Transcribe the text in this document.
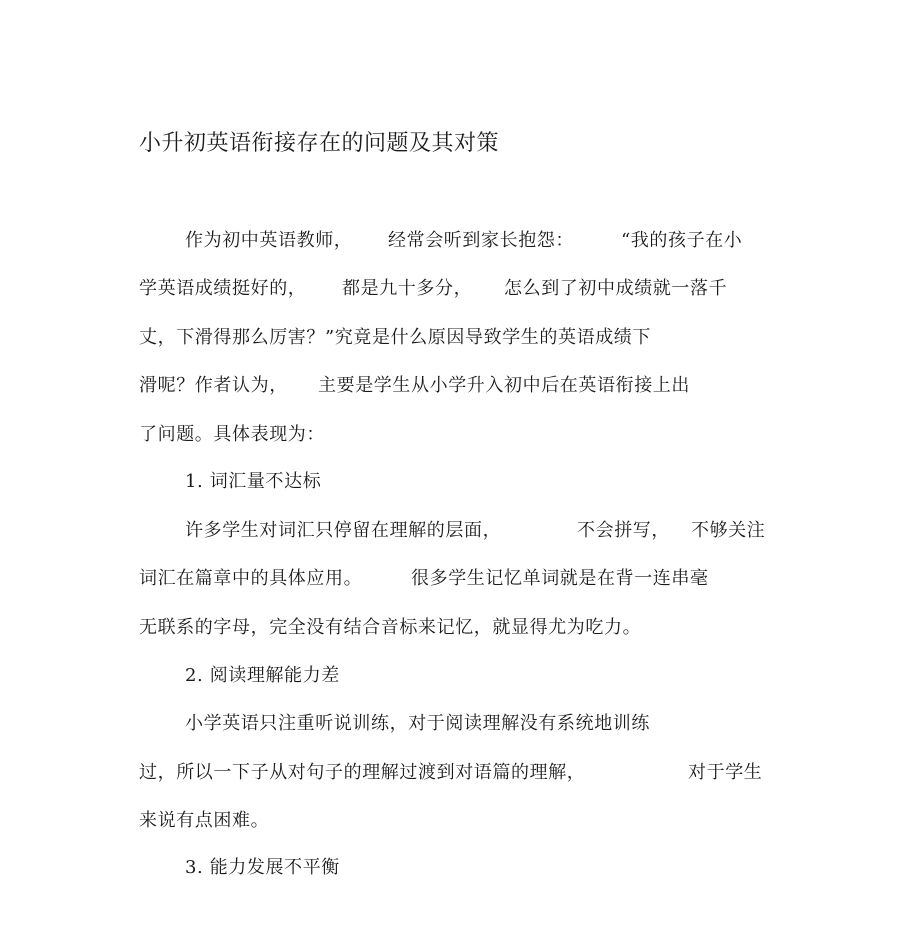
小升初英语衔接存在的问题及其对策
作为初中英语教师， 经常会听到家长抱怨：	“我的孩子在小
学英语成绩挺好的， 都是九十多分， 怎么到了初中成绩就一落千
丈，下滑得那么厉害？”究竟是什么原因导致学生的英语成绩下
滑呢？作者认为， 主要是学生从小学升入初中后在英语衔接上出
了问题。具体表现为：
1. 词汇量不达标
许多学生对词汇只停留在理解的层面，	不会拼写， 不够关注
词汇在篇章中的具体应用。	很多学生记忆单词就是在背一连串毫
无联系的字母，完全没有结合音标来记忆，就显得尤为吃力。
2. 阅读理解能力差
小学英语只注重听说训练，对于阅读理解没有系统地训练
过，所以一下子从对句子的理解过渡到对语篇的理解，	对于学生
来说有点困难。
3. 能力发展不平衡
